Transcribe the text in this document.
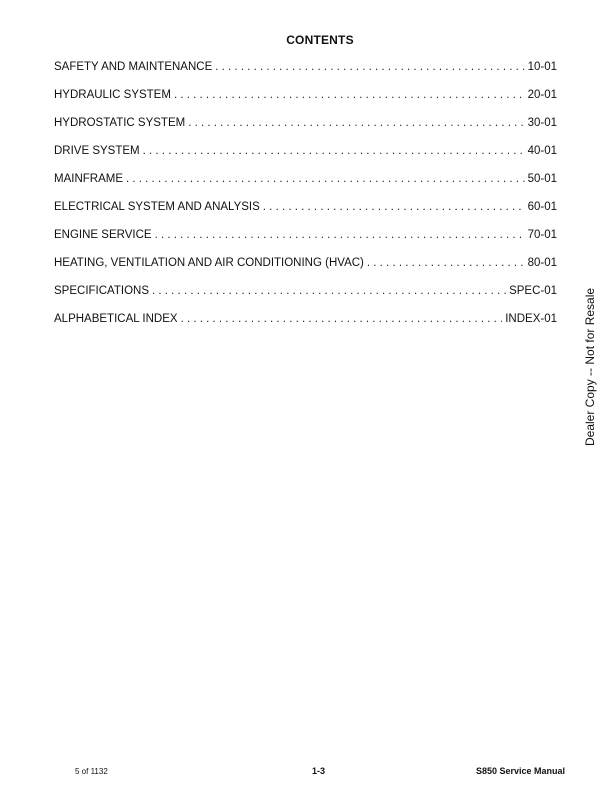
CONTENTS
SAFETY AND MAINTENANCE . . .	10-01
HYDRAULIC SYSTEM . . .	20-01
HYDROSTATIC SYSTEM . . .	30-01
DRIVE SYSTEM . . .	40-01
MAINFRAME . . .	50-01
ELECTRICAL SYSTEM AND ANALYSIS . . .	60-01
ENGINE SERVICE . . .	70-01
HEATING, VENTILATION AND AIR CONDITIONING (HVAC) . . .	80-01
SPECIFICATIONS . . .	SPEC-01
ALPHABETICAL INDEX . . .	INDEX-01 Dealer Copy -- Not for Resale
5 of 1132	1-3	S850 Service Manual
